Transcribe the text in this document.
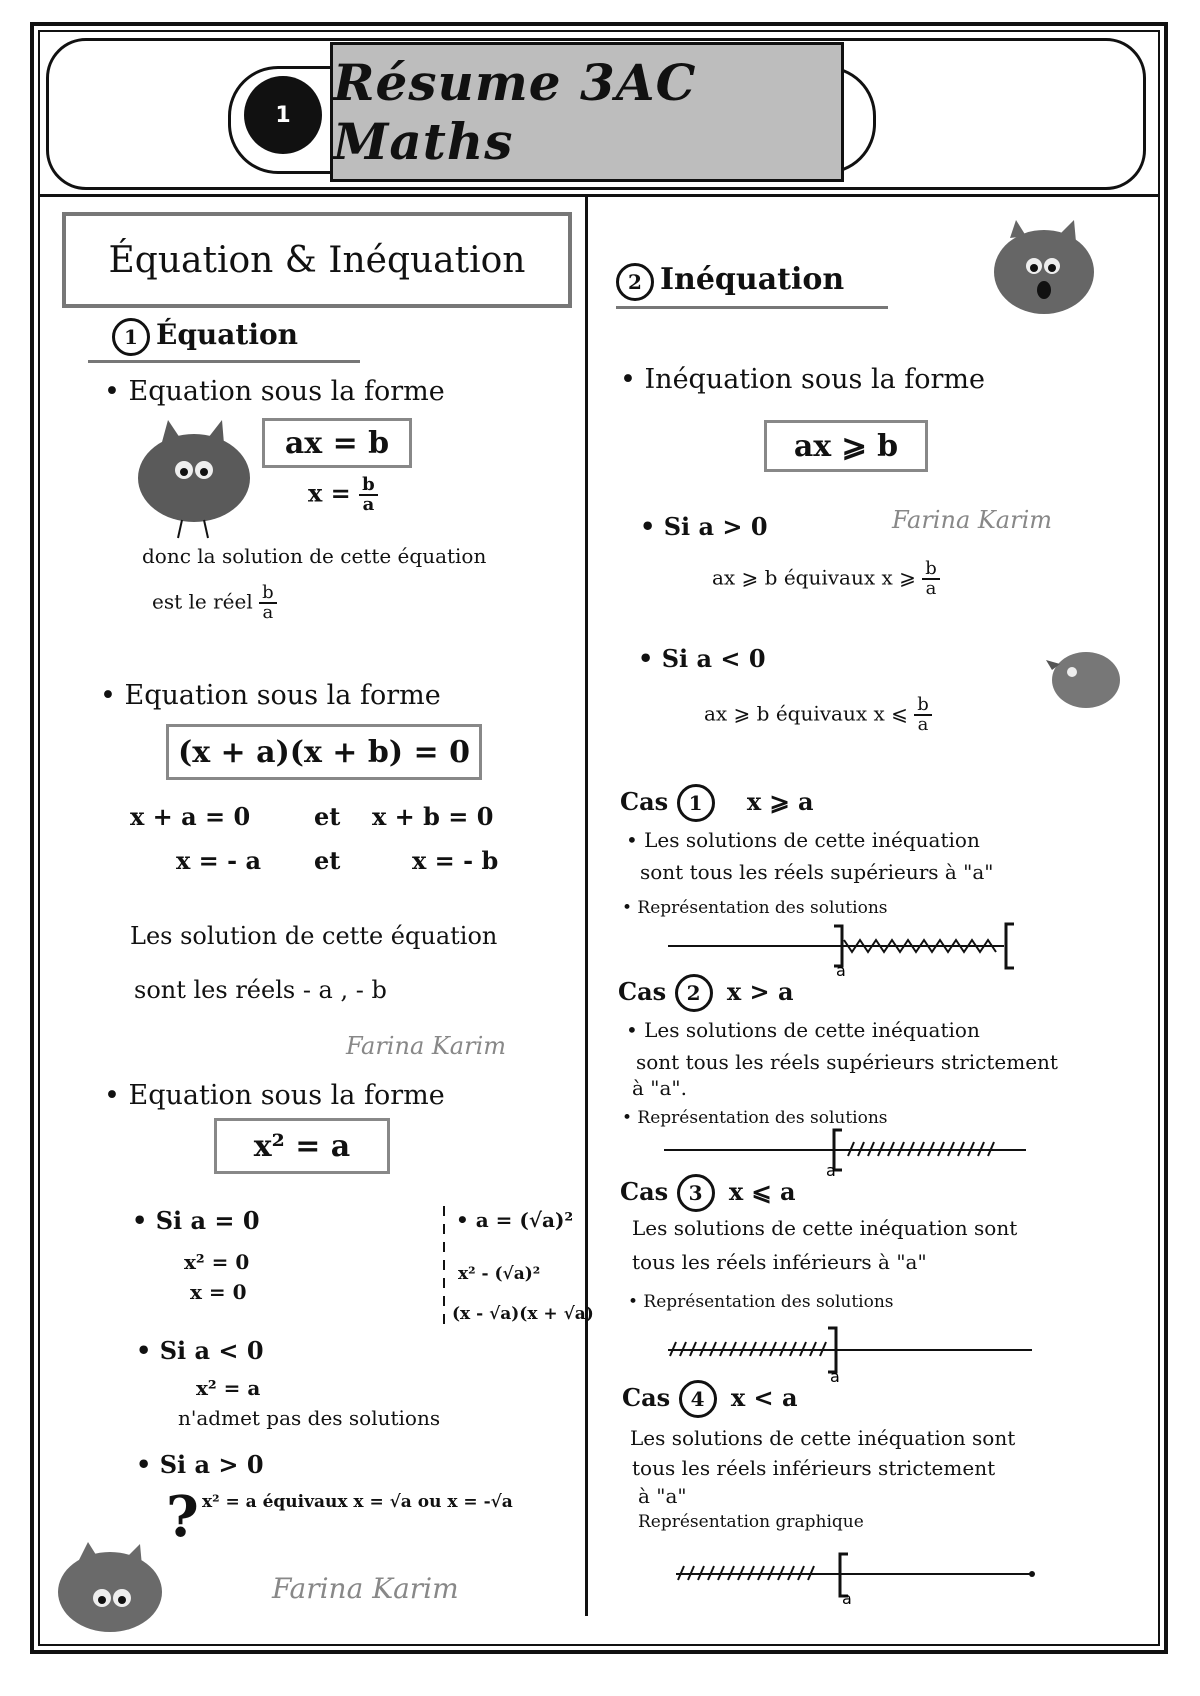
1
Résume 3AC Maths
Équation & Inéquation
1 Équation
• Equation sous la forme
ax = b
$x = \frac{b}{a}$
donc la solution de cette équation
est le réel $\frac{b}{a}$
• Equation sous la forme
(x + a)(x + b) = 0
x + a = 0	et x + b = 0
x = - a et	x = - b
Les solution de cette équation
sont les réels - a , - b
Farina Karim
• Equation sous la forme
x² = a
• Si a = 0
x² = 0
x = 0
• a = (√a)²
x² - (√a)²
(x - √a)(x + √a)
• Si a < 0
x² = a
n'admet pas des solutions
• Si a > 0
x² = a équivaux x = √a ou x = -√a
?
Farina Karim
2 Inéquation
• Inéquation sous la forme
ax ⩾ b
• Si a > 0	Farina Karim
ax ⩾ b équivaux x ⩾ $\frac{b}{a}$
• Si a < 0
ax ⩾ b équivaux x ⩽ $\frac{b}{a}$
Cas 1 x ⩾ a
• Les solutions de cette inéquation
sont tous les réels supérieurs à "a"
• Représentation des solutions
a
Cas 2 x > a
• Les solutions de cette inéquation
sont tous les réels supérieurs strictement
à "a".
• Représentation des solutions
a
Cas 3 x ⩽ a
Les solutions de cette inéquation sont
tous les réels inférieurs à "a"
• Représentation des solutions
a
Cas 4 x < a
Les solutions de cette inéquation sont
tous les réels inférieurs strictement
à "a"
Représentation graphique
a
